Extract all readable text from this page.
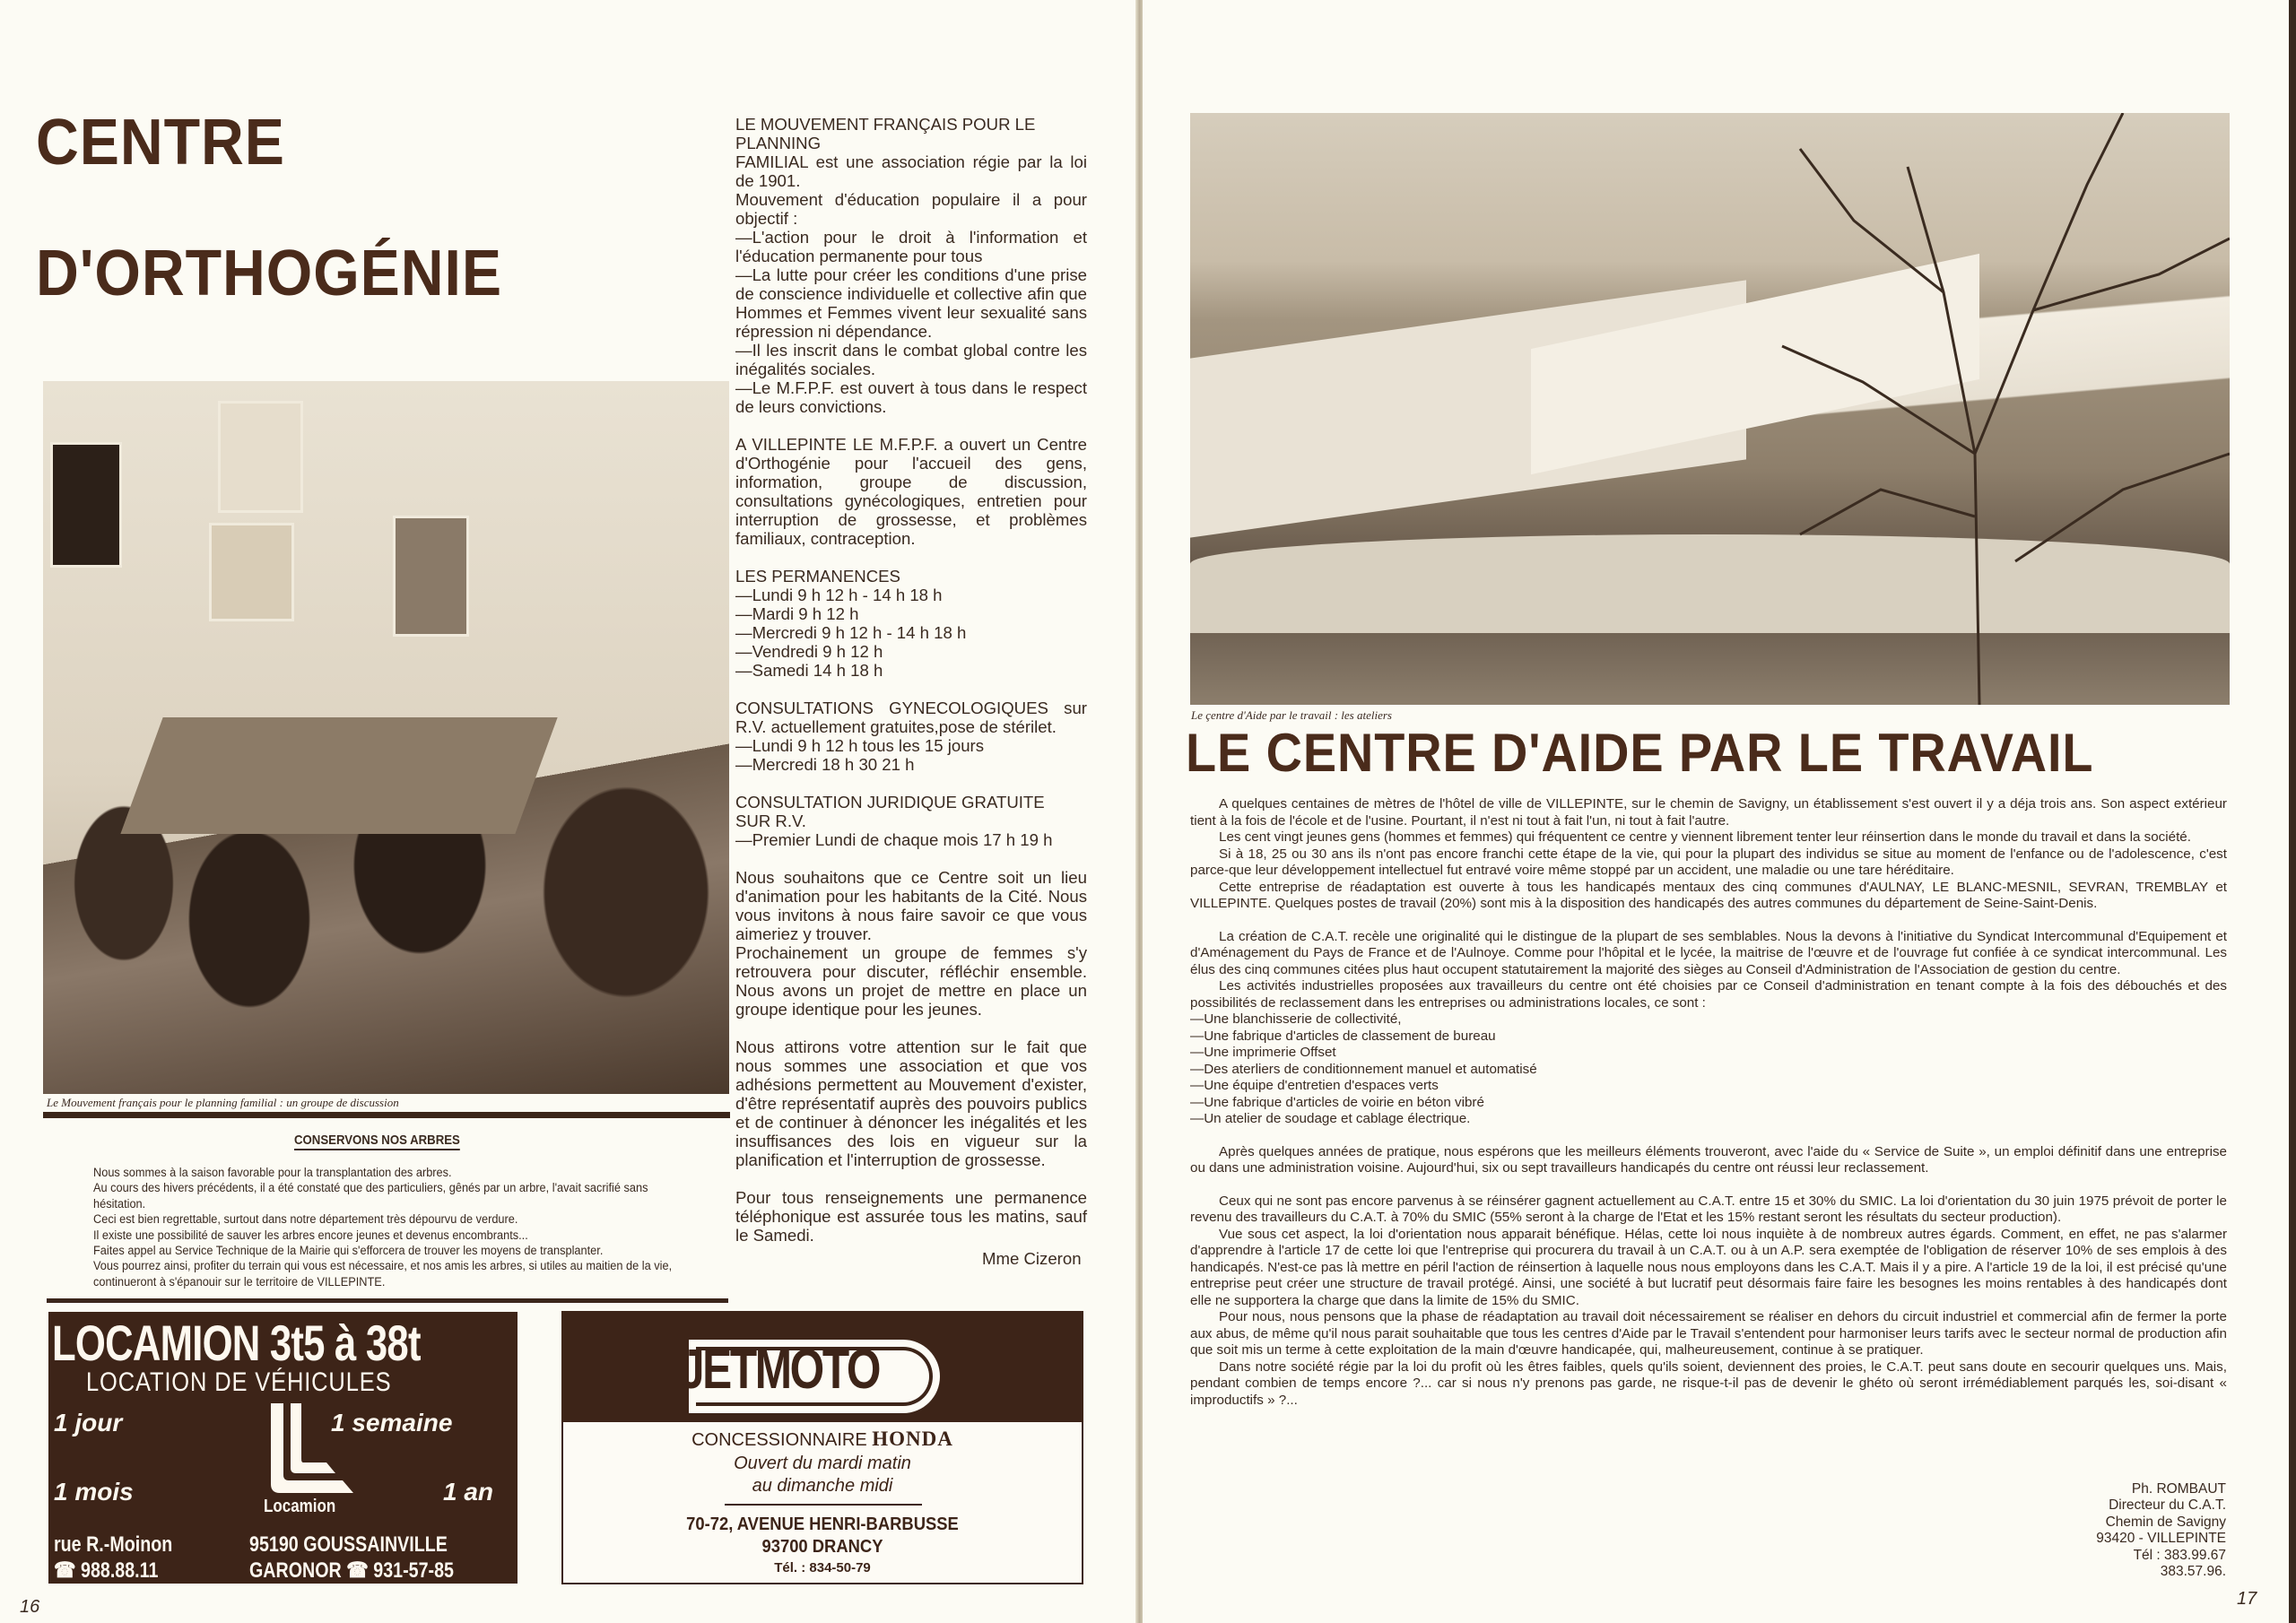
CENTRE
D'ORTHOGÉNIE
Le Mouvement français pour le planning familial : un groupe de discussion

LE MOUVEMENT FRANÇAIS POUR LE
PLANNING
FAMILIAL est une association régie par la loi de 1901.
Mouvement d'éducation populaire il a pour objectif :
—L'action pour le droit à l'information et l'éducation permanente pour tous
—La lutte pour créer les conditions d'une prise de conscience individuelle et collective afin que Hommes et Femmes vivent leur sexualité sans répression ni dépendance.
—Il les inscrit dans le combat global contre les inégalités sociales.
—Le M.F.P.F. est ouvert à tous dans le respect de leurs convictions.

A VILLEPINTE LE M.F.P.F. a ouvert un Centre d'Orthogénie pour l'accueil des gens, information, groupe de discussion, consultations gynécologiques, entretien pour interruption de grossesse, et problèmes familiaux, contraception.

LES PERMANENCES
—Lundi 9 h 12 h - 14 h 18 h
—Mardi 9 h 12 h
—Mercredi 9 h 12 h - 14 h 18 h
—Vendredi 9 h 12 h
—Samedi 14 h 18 h

CONSULTATIONS GYNECOLOGIQUES sur R.V. actuellement gratuites,pose de stérilet.
—Lundi 9 h 12 h tous les 15 jours
—Mercredi 18 h 30 21 h

CONSULTATION JURIDIQUE GRATUITE
SUR R.V.
—Premier Lundi de chaque mois 17 h 19 h

Nous souhaitons que ce Centre soit un lieu d'animation pour les habitants de la Cité. Nous vous invitons à nous faire savoir ce que vous aimeriez y trouver.
Prochainement un groupe de femmes s'y retrouvera pour discuter, réfléchir ensemble. Nous avons un projet de mettre en place un groupe identique pour les jeunes.

Nous attirons votre attention sur le fait que nous sommes une association et que vos adhésions permettent au Mouvement d'exister, d'être représentatif auprès des pouvoirs publics et de continuer à dénoncer les inégalités et les insuffisances des lois en vigueur sur la planification et l'interruption de grossesse.

Pour tous renseignements une permanence téléphonique est assurée tous les matins, sauf le Samedi.

Mme Cizeron
CONSERVONS NOS ARBRES
Nous sommes à la saison favorable pour la transplantation des arbres.
Au cours des hivers précédents, il a été constaté que des particuliers, gênés par un arbre, l'avait sacrifié sans hésitation.
Ceci est bien regrettable, surtout dans notre département très dépourvu de verdure.
Il existe une possibilité de sauver les arbres encore jeunes et devenus encombrants...
Faites appel au Service Technique de la Mairie qui s'efforcera de trouver les moyens de transplanter.
Vous pourrez ainsi, profiter du terrain qui vous est nécessaire, et nos amis les arbres, si utiles au maitien de la vie, continueront à s'épanouir sur le territoire de VILLEPINTE.
LOCAMION 3t5 à 38t
LOCATION DE VÉHICULES
1 jour	1 semaine
1 mois	1 an
Locamion
rue R.-Moinon	95190 GOUSSAINVILLE
☎ 988.88.11	GARONOR ☎ 931-57-85
JETMOTO
CONCESSIONNAIRE HONDA
Ouvert du mardi matin
au dimanche midi
70-72, AVENUE HENRI-BARBUSSE
93700 DRANCY
Tél. : 834-50-79
16
Le çentre d'Aide par le travail : les ateliers
LE CENTRE D'AIDE PAR LE TRAVAIL

A quelques centaines de mètres de l'hôtel de ville de VILLEPINTE, sur le chemin de Savigny, un établissement s'est ouvert il y a déja trois ans. Son aspect extérieur tient à la fois de l'école et de l'usine. Pourtant, il n'est ni tout à fait l'un, ni tout à fait l'autre.

Les cent vingt jeunes gens (hommes et femmes) qui fréquentent ce centre y viennent librement tenter leur réinsertion dans le monde du travail et dans la société.

Si à 18, 25 ou 30 ans ils n'ont pas encore franchi cette étape de la vie, qui pour la plupart des individus se situe au moment de l'enfance ou de l'adolescence, c'est parce-que leur développement intellectuel fut entravé voire même stoppé par un accident, une maladie ou une tare héréditaire.

Cette entreprise de réadaptation est ouverte à tous les handicapés mentaux des cinq communes d'AULNAY, LE BLANC-MESNIL, SEVRAN, TREMBLAY et VILLEPINTE. Quelques postes de travail (20%) sont mis à la disposition des handicapés des autres communes du département de Seine-Saint-Denis.

La création de C.A.T. recèle une originalité qui le distingue de la plupart de ses semblables. Nous la devons à l'initiative du Syndicat Intercommunal d'Equipement et d'Aménagement du Pays de France et de l'Aulnoye. Comme pour l'hôpital et le lycée, la maitrise de l'œuvre et de l'ouvrage fut confiée à ce syndicat intercommunal. Les élus des cinq communes citées plus haut occupent statutairement la majorité des sièges au Conseil d'Administration de l'Association de gestion du centre.

Les activités industrielles proposées aux travailleurs du centre ont été choisies par ce Conseil d'administration en tenant compte à la fois des débouchés et des possibilités de reclassement dans les entreprises ou administrations locales, ce sont :

—Une blanchisserie de collectivité,

—Une fabrique d'articles de classement de bureau

—Une imprimerie Offset

—Des aterliers de conditionnement manuel et automatisé

—Une équipe d'entretien d'espaces verts

—Une fabrique d'articles de voirie en béton vibré

—Un atelier de soudage et cablage électrique.

Après quelques années de pratique, nous espérons que les meilleurs éléments trouveront, avec l'aide du « Service de Suite », un emploi définitif dans une entreprise ou dans une administration voisine. Aujourd'hui, six ou sept travailleurs handicapés du centre ont réussi leur reclassement.

Ceux qui ne sont pas encore parvenus à se réinsérer gagnent actuellement au C.A.T. entre 15 et 30% du SMIC. La loi d'orientation du 30 juin 1975 prévoit de porter le revenu des travailleurs du C.A.T. à 70% du SMIC (55% seront à la charge de l'Etat et les 15% restant seront les résultats du secteur production).

Vue sous cet aspect, la loi d'orientation nous apparait bénéfique. Hélas, cette loi nous inquiète à de nombreux autres égards. Comment, en effet, ne pas s'alarmer d'apprendre à l'article 17 de cette loi que l'entreprise qui procurera du travail à un C.A.T. ou à un A.P. sera exemptée de l'obligation de réserver 10% de ses emplois à des handicapés. N'est-ce pas là mettre en péril l'action de réinsertion à laquelle nous nous employons dans les C.A.T. Mais il y a pire. A l'article 19 de la loi, il est précisé qu'une entreprise peut créer une structure de travail protégé. Ainsi, une société à but lucratif peut désormais faire faire les besognes les moins rentables à des handicapés dont elle ne supportera la charge que dans la limite de 15% du SMIC.

Pour nous, nous pensons que la phase de réadaptation au travail doit nécessairement se réaliser en dehors du circuit industriel et commercial afin de fermer la porte aux abus, de même qu'il nous parait souhaitable que tous les centres d'Aide par le Travail s'entendent pour harmoniser leurs tarifs avec le secteur normal de production afin que soit mis un terme à cette exploitation de la main d'œuvre handicapée, qui, malheureusement, continue à se pratiquer.

Dans notre société régie par la loi du profit où les êtres faibles, quels qu'ils soient, deviennent des proies, le C.A.T. peut sans doute en secourir quelques uns. Mais, pendant combien de temps encore ?... car si nous n'y prenons pas garde, ne risque-t-il pas de devenir le ghéto où seront irrémédiablement parqués les, soi-disant « improductifs » ?...

Ph. ROMBAUT
Directeur du C.A.T.
Chemin de Savigny
93420 - VILLEPINTE
Tél : 383.99.67
383.57.96.
17
